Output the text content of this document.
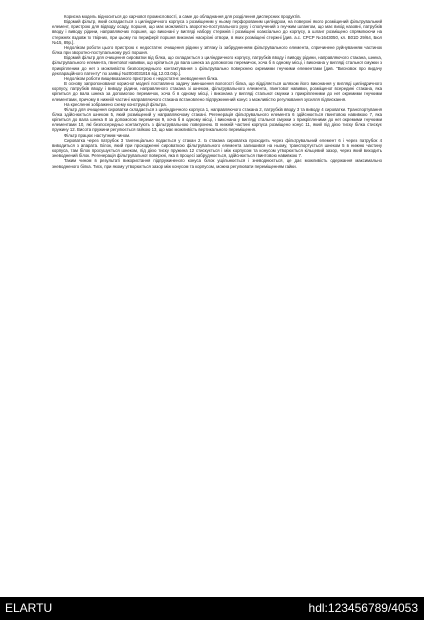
Корисна модель відноситься до харчової промисловості, а саме до обладнання для розділення дисперсних продуктів.

Відомий фільтр, який складається з циліндричного корпуса з розміщеним у ньому перфорованим циліндром, на поверхні якого розміщений фільтрувальний елемент, пристрою для відводу осаду, поршня, що має можливість зворотно-поступального руху і сполучений з гнучким шлангом, що має вихід назовні, патрубків вводу і виводу рідини, направляючих поршня, що виконані у вигляді набору стержнів і розміщені коаксіально до корпусу, а шланг розміщено спрямлюючи на стержнях вздовж їх твірних, при цьому по периферії поршня виконані наскрізні отвори, в яких розміщені стержні [див. а.с. СРСР №1643050, кл. В01D 29/64, Бюл №15, 89р.].

Недоліком роботи цього пристрою є недостатнє очищення рідини у зв'язку із забрудненням фільтрувального елемента, спричинене руйнуванням частинок білка при зворотно-поступальному русі поршня.

Відомий фільтр для очищення сироватки від білка, що складається з циліндричного корпусу, патрубків вводу і виводу рідини, направляючого стакана, шнека, фільтрувального елемента, гвинтової навивки, що кріпиться до вала шнека за допомогою перемичок, хоча б в одному місці, і виконана у вигляді стальної смужки з прикріпленим до неї з можливістю безпосереднього контактування з фільтрувально поверхнею окремими гнучкими елементами [див. "Висновок про видачу деклараційного патенту" по заявці №2004031816 від 12.03.04р.].

Недоліком роботи вищевказаного пристрою є недостатнє зневоднення білка.

В основу запропонованої корисної моделі поставлено задачу зменшення вологості білка, що відділяється шляхом його виконання у вигляді циліндричного корпусу, патрубків вводу і виводу рідини, направленого стакана зі шнеком, фільтрувального елемента, гвинтової навивки, розміщеної всередині стакана, яка кріпиться до вала шнека за допомогою перемичок, хоча б в одному місці, і виконана у вигляді стальної смужки з прикріпленими до неї окремими гнучкими елементами, причому в нижній частині направляючого стакана встановлено підпружинений конус з можливістю регулювання зусилля підпискання.

На кресленні зображено схему конструкції фільтра.

Фільтр для очищення сироватки складається з циліндричного корпуса 1, направляючого стакана 2, патрубків вводу 3 та виводу 4 сироватки. Транспортування білка здійснюється шнеком 5, який розміщений у направляючому стакані. Регенерація фільтрувального елемента 6 здійснюється гвинтовою навивкою 7, яка кріпиться до вала шнека 8 за допомогою перемичок 9, хоча б в одному місці, і виконана у вигляді стальної смужки з прикріпленими до неї окремими гнучкими елементами 10, які безпосередньо контактують з фільтрувальною поверхнею. В нижній частині корпуса розміщено конус 11, який під дією тиску білка стискує пружину 12. Висота пружини регулюється гайкою 13, що має можливість вертикального переміщення.

Фільтр працює наступним чином.

Сироватка через патрубок 3 тангенціально подається у стакан 2. Із стакана сироватка проходить через фільтрувальний елемент 6 і через патрубок 4 виводиться з апарата. Білок, який при проходженні сироваткою фільтрувального елемента залишився на ньому, транспортується шнеком 5 в нижню частину корпуса, там білок просушується шнеком, під дією тиску пружина 12 стискується і між корпусом та конусом утворюється кільцевий зазор, через який виходить зневоднений білок. Регенерація фільтрувальної поверхні, яка в процесі забруднюється, здійснюється гвинтовою навивкою 7.

Таким чином в результаті використання підпружиненого конуса білок ущільнюється і зневоднюється, це дає можливість одержання максимально зневодненого білка. Тиск, при якому утворюється зазор між конусом та корпусом, можна регулювати переміщенням гайки.

ELARTU	hdl:123456789/4053
